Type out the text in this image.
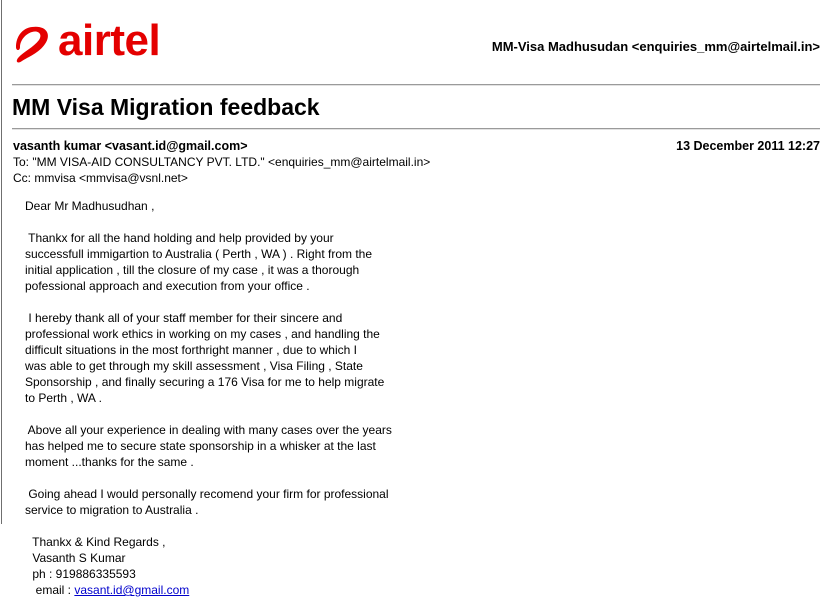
airtel	MM-Visa Madhusudan <enquiries_mm@airtelmail.in>
MM Visa Migration feedback
vasanth kumar <vasant.id@gmail.com>	13 December 2011 12:27
To: "MM VISA-AID CONSULTANCY PVT. LTD." <enquiries_mm@airtelmail.in>
Cc: mmvisa <mmvisa@vsnl.net>
Dear Mr Madhusudhan ,
Thankx for all the hand holding and help provided by your
successfull immigartion to Australia ( Perth , WA ) . Right from the
initial application , till the closure of my case , it was a thorough
pofessional approach and execution from your office .
I hereby thank all of your staff member for their sincere and
professional work ethics in working on my cases , and handling the
difficult situations in the most forthright manner , due to which I
was able to get through my skill assessment , Visa Filing , State
Sponsorship , and finally securing a 176 Visa for me to help migrate
to Perth , WA .
Above all your experience in dealing with many cases over the years
has helped me to secure state sponsorship in a whisker at the last
moment ...thanks for the same .
Going ahead I would personally recomend your firm for professional
service to migration to Australia .
Thankx & Kind Regards ,
Vasanth S Kumar
ph : 919886335593
email : vasant.id@gmail.com
